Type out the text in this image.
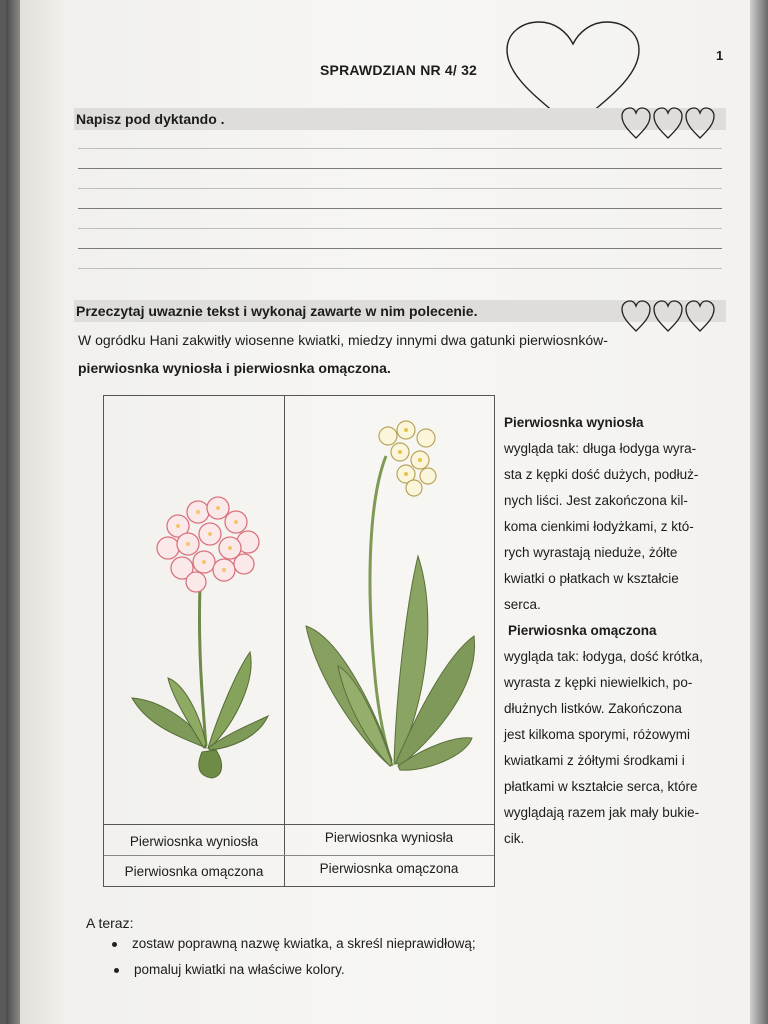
1
SPRAWDZIAN NR 4/ 32
Napisz pod dyktando .
Przeczytaj uwaznie tekst i wykonaj zawarte w nim polecenie.
W ogródku Hani zakwitły wiosenne kwiatki, miedzy innymi dwa gatunki pierwiosnków-
pierwiosnka wyniosła i pierwiosnka omączona.
Pierwiosnka wyniosła
Pierwiosnka omączona
Pierwiosnka wyniosła
Pierwiosnka omączona
Pierwiosnka wyniosła
wygląda tak: długa łodyga wyra-
sta z kępki dość dużych, podłuż-
nych liści. Jest zakończona kil-
koma cienkimi łodyżkami, z któ-
rych wyrastają nieduże, żółte
kwiatki o płatkach w kształcie
serca.
Pierwiosnka omączona
wygląda tak: łodyga, dość krótka,
wyrasta z kępki niewielkich, po-
dłużnych listków. Zakończona
jest kilkoma sporymi, różowymi
kwiatkami z żółtymi środkami i
płatkami w kształcie serca, które
wyglądają razem jak mały bukie-
cik.
A teraz:
zostaw poprawną nazwę kwiatka, a skreśl nieprawidłową;
pomaluj kwiatki na właściwe kolory.
